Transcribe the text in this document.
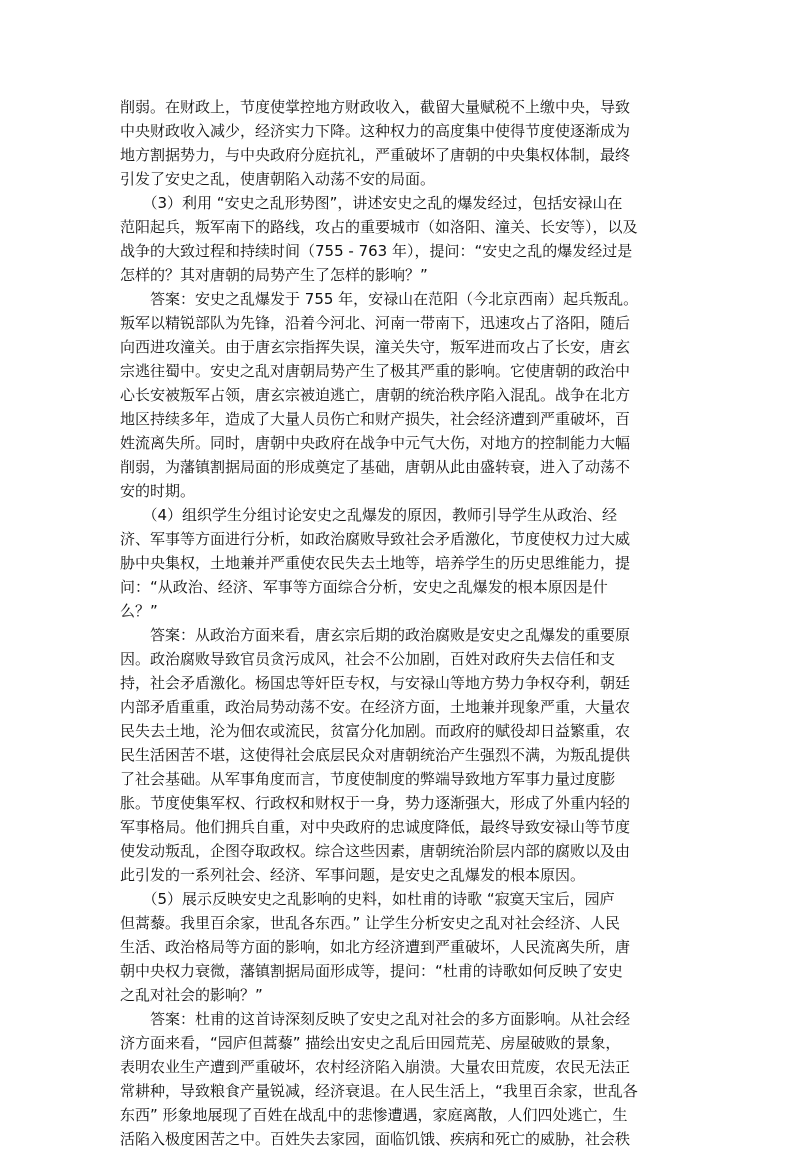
削弱。在财政上，节度使掌控地方财政收入，截留大量赋税不上缴中央，导致
中央财政收入减少，经济实力下降。这种权力的高度集中使得节度使逐渐成为
地方割据势力，与中央政府分庭抗礼，严重破坏了唐朝的中央集权体制，最终
引发了安史之乱，使唐朝陷入动荡不安的局面。
　　（3）利用 “安史之乱形势图”，讲述安史之乱的爆发经过，包括安禄山在
范阳起兵，叛军南下的路线，攻占的重要城市（如洛阳、潼关、长安等），以及
战争的大致过程和持续时间（755 - 763 年），提问：“安史之乱的爆发经过是
怎样的？其对唐朝的局势产生了怎样的影响？”
　　答案：安史之乱爆发于 755 年，安禄山在范阳（今北京西南）起兵叛乱。
叛军以精锐部队为先锋，沿着今河北、河南一带南下，迅速攻占了洛阳，随后
向西进攻潼关。由于唐玄宗指挥失误，潼关失守，叛军进而攻占了长安，唐玄
宗逃往蜀中。安史之乱对唐朝局势产生了极其严重的影响。它使唐朝的政治中
心长安被叛军占领，唐玄宗被迫逃亡，唐朝的统治秩序陷入混乱。战争在北方
地区持续多年，造成了大量人员伤亡和财产损失，社会经济遭到严重破坏，百
姓流离失所。同时，唐朝中央政府在战争中元气大伤，对地方的控制能力大幅
削弱，为藩镇割据局面的形成奠定了基础，唐朝从此由盛转衰，进入了动荡不
安的时期。
　　（4）组织学生分组讨论安史之乱爆发的原因，教师引导学生从政治、经
济、军事等方面进行分析，如政治腐败导致社会矛盾激化，节度使权力过大威
胁中央集权，土地兼并严重使农民失去土地等，培养学生的历史思维能力，提
问：“从政治、经济、军事等方面综合分析，安史之乱爆发的根本原因是什
么？”
　　答案：从政治方面来看，唐玄宗后期的政治腐败是安史之乱爆发的重要原
因。政治腐败导致官员贪污成风，社会不公加剧，百姓对政府失去信任和支
持，社会矛盾激化。杨国忠等奸臣专权，与安禄山等地方势力争权夺利，朝廷
内部矛盾重重，政治局势动荡不安。在经济方面，土地兼并现象严重，大量农
民失去土地，沦为佃农或流民，贫富分化加剧。而政府的赋役却日益繁重，农
民生活困苦不堪，这使得社会底层民众对唐朝统治产生强烈不满，为叛乱提供
了社会基础。从军事角度而言，节度使制度的弊端导致地方军事力量过度膨
胀。节度使集军权、行政权和财权于一身，势力逐渐强大，形成了外重内轻的
军事格局。他们拥兵自重，对中央政府的忠诚度降低，最终导致安禄山等节度
使发动叛乱，企图夺取政权。综合这些因素，唐朝统治阶层内部的腐败以及由
此引发的一系列社会、经济、军事问题，是安史之乱爆发的根本原因。
　　（5）展示反映安史之乱影响的史料，如杜甫的诗歌 “寂寞天宝后，园庐
但蒿藜。我里百余家，世乱各东西。” 让学生分析安史之乱对社会经济、人民
生活、政治格局等方面的影响，如北方经济遭到严重破坏，人民流离失所，唐
朝中央权力衰微，藩镇割据局面形成等，提问：“杜甫的诗歌如何反映了安史
之乱对社会的影响？”
　　答案：杜甫的这首诗深刻反映了安史之乱对社会的多方面影响。从社会经
济方面来看，“园庐但蒿藜” 描绘出安史之乱后田园荒芜、房屋破败的景象，
表明农业生产遭到严重破坏，农村经济陷入崩溃。大量农田荒废，农民无法正
常耕种，导致粮食产量锐减，经济衰退。在人民生活上，“我里百余家，世乱各
东西” 形象地展现了百姓在战乱中的悲惨遭遇，家庭离散，人们四处逃亡，生
活陷入极度困苦之中。百姓失去家园，面临饥饿、疾病和死亡的威胁，社会秩
